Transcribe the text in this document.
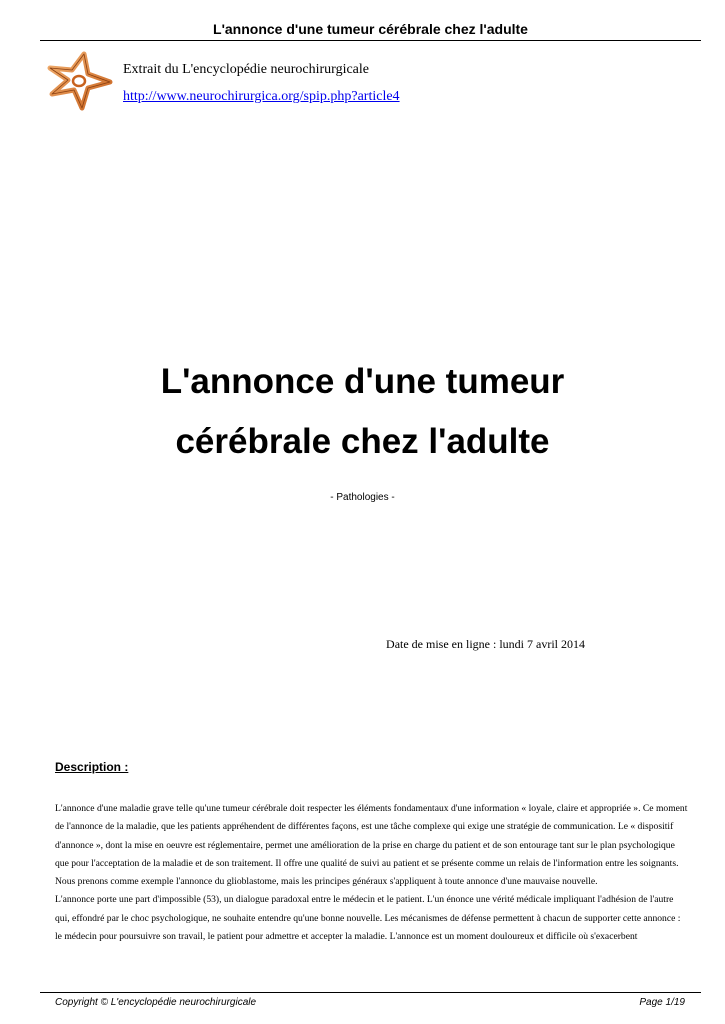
L'annonce d'une tumeur cérébrale chez l'adulte
Extrait du L'encyclopédie neurochirurgicale
http://www.neurochirurgica.org/spip.php?article4
L'annonce d'une tumeur
cérébrale chez l'adulte
- Pathologies -
Date de mise en ligne : lundi 7 avril 2014
Description :

L'annonce d'une maladie grave telle qu'une tumeur cérébrale doit respecter les éléments fondamentaux d'une information « loyale, claire et appropriée ». Ce moment de l'annonce de la maladie, que les patients appréhendent de différentes façons, est une tâche complexe qui exige une stratégie de communication. Le « dispositif d'annonce », dont la mise en oeuvre est réglementaire, permet une amélioration de la prise en charge du patient et de son entourage tant sur le plan psychologique que pour l'acceptation de la maladie et de son traitement. Il offre une qualité de suivi au patient et se présente comme un relais de l'information entre les soignants.

Nous prenons comme exemple l'annonce du glioblastome, mais les principes généraux s'appliquent à toute annonce d'une mauvaise nouvelle.

L'annonce porte une part d'impossible (53), un dialogue paradoxal entre le médecin et le patient. L'un énonce une vérité médicale impliquant l'adhésion de l'autre qui, effondré par le choc psychologique, ne souhaite entendre qu'une bonne nouvelle. Les mécanismes de défense permettent à chacun de supporter cette annonce : le médecin pour poursuivre son travail, le patient pour admettre et accepter la maladie. L'annonce est un moment douloureux et difficile où s'exacerbent

Copyright © L'encyclopédie neurochirurgicale	Page 1/19
